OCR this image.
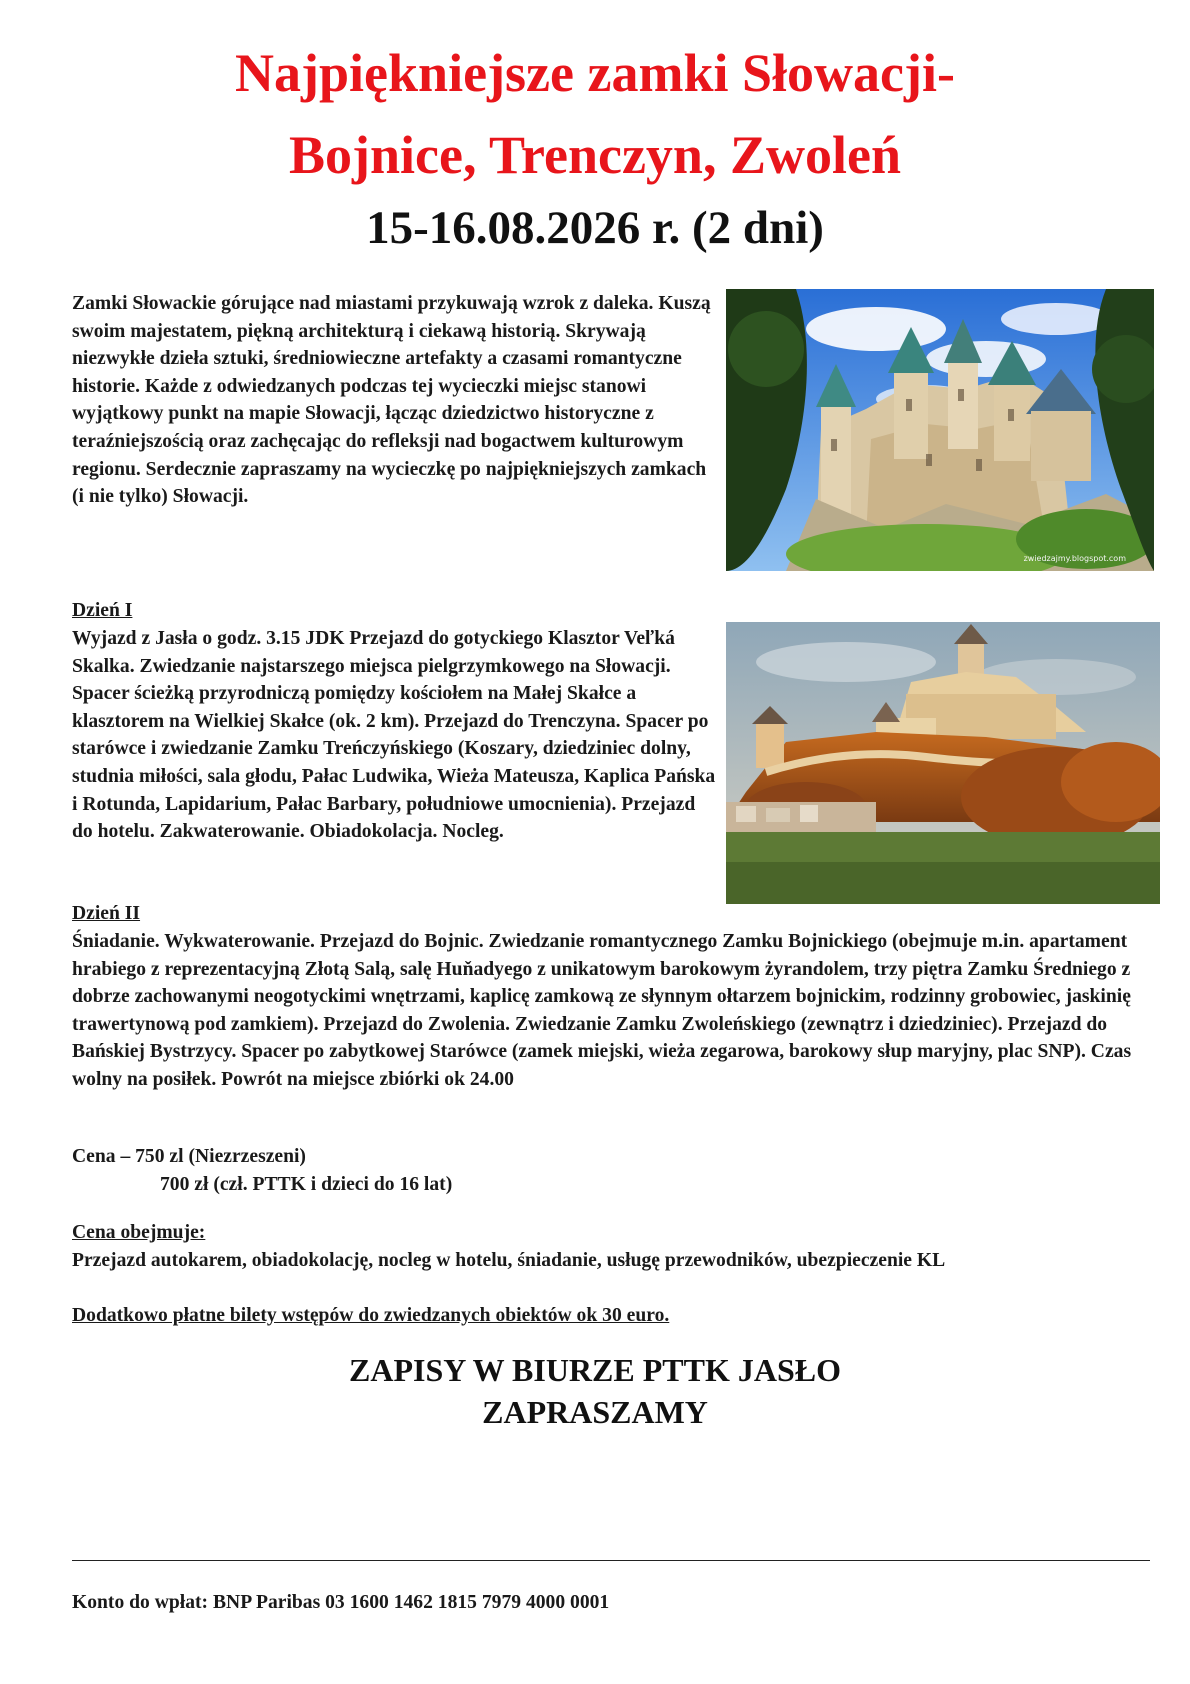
Najpiękniejsze zamki Słowacji-
Bojnice, Trenczyn, Zwoleń
15-16.08.2026 r. (2 dni)

Zamki Słowackie górujące nad miastami przykuwają wzrok z daleka. Kuszą swoim majestatem, piękną architekturą i ciekawą historią. Skrywają niezwykłe dzieła sztuki, średniowieczne artefakty a czasami romantyczne historie. Każde z odwiedzanych podczas tej wycieczki miejsc stanowi wyjątkowy punkt na mapie Słowacji, łącząc dziedzictwo historyczne z teraźniejszością oraz zachęcając do refleksji nad bogactwem kulturowym regionu. Serdecznie zapraszamy na wycieczkę po najpiękniejszych zamkach (i nie tylko) Słowacji.

zwiedzajmy.blogspot.com
Dzień I

Wyjazd z Jasła o godz. 3.15 JDK Przejazd do gotyckiego Klasztor Veľká Skalka. Zwiedzanie najstarszego miejsca pielgrzymkowego na Słowacji. Spacer ścieżką przyrodniczą pomiędzy kościołem na Małej Skałce a klasztorem na Wielkiej Skałce (ok. 2 km). Przejazd do Trenczyna. Spacer po starówce i zwiedzanie Zamku Treńczyńskiego (Koszary, dziedziniec dolny, studnia miłości, sala głodu, Pałac Ludwika, Wieża Mateusza, Kaplica Pańska i Rotunda, Lapidarium, Pałac Barbary, południowe umocnienia). Przejazd do hotelu. Zakwaterowanie. Obiadokolacja. Nocleg.

Dzień II

Śniadanie. Wykwaterowanie. Przejazd do Bojnic. Zwiedzanie romantycznego Zamku Bojnickiego (obejmuje m.in. apartament hrabiego z reprezentacyjną Złotą Salą, salę Huňadyego z unikatowym barokowym żyrandolem, trzy piętra Zamku Średniego z dobrze zachowanymi neogotyckimi wnętrzami, kaplicę zamkową ze słynnym ołtarzem bojnickim, rodzinny grobowiec, jaskinię trawertynową pod zamkiem). Przejazd do Zwolenia. Zwiedzanie Zamku Zwoleńskiego (zewnątrz i dziedziniec). Przejazd do Bańskiej Bystrzycy. Spacer po zabytkowej Starówce (zamek miejski, wieża zegarowa, barokowy słup maryjny, plac SNP). Czas wolny na posiłek. Powrót na miejsce zbiórki ok 24.00

Cena – 750 zl (Niezrzeszeni)

700 zł (czł. PTTK i dzieci do 16 lat)

Cena obejmuje:

Przejazd autokarem, obiadokolację, nocleg w hotelu, śniadanie, usługę przewodników, ubezpieczenie KL

Dodatkowo płatne bilety wstępów do zwiedzanych obiektów ok 30 euro.

ZAPISY W BIURZE PTTK JASŁO
ZAPRASZAMY

Konto do wpłat: BNP Paribas 03 1600 1462 1815 7979 4000 0001
